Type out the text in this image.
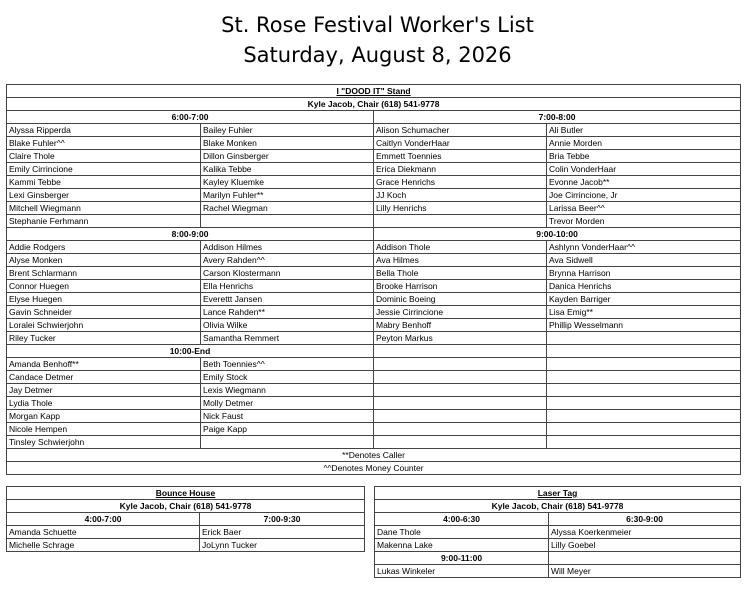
St. Rose Festival Worker's List
Saturday, August 8, 2026
I "DOOD IT" Stand			
Kyle Jacob, Chair (618) 541-9778			
6:00-7:00		7:00-8:00	
Alyssa Ripperda	Bailey Fuhler	Alison Schumacher	Ali Butler
Blake Fuhler^^	Blake Monken	Caitlyn VonderHaar	Annie Morden
Claire Thole	Dillon Ginsberger	Emmett Toennies	Bria Tebbe
Emily Cirrincione	Kalika Tebbe	Erica Diekmann	Colin VonderHaar
Kammi Tebbe	Kayley Kluemke	Grace Henrichs	Evonne Jacob**
Lexi Ginsberger	Marilyn Fuhler**	JJ Koch	Joe Cirrincione, Jr
Mitchell Wiegmann	Rachel Wiegman	Lilly Henrichs	Larissa Beer^^
Stephanie Ferhmann			Trevor Morden
8:00-9:00		9:00-10:00	
Addie Rodgers	Addison Hilmes	Addison Thole	Ashlynn VonderHaar^^
Alyse Monken	Avery Rahden^^	Ava Hilmes	Ava Sidwell
Brent Schlarmann	Carson Klostermann	Bella Thole	Brynna Harrison
Connor Huegen	Ella Henrichs	Brooke Harrison	Danica Henrichs
Elyse Huegen	Everettt Jansen	Dominic Boeing	Kayden Barriger
Gavin Schneider	Lance Rahden**	Jessie Cirrincione	Lisa Emig**
Loralei Schwierjohn	Olivia Wilke	Mabry Benhoff	Phillip Wesselmann
Riley Tucker	Samantha Remmert	Peyton Markus	
10:00-End			
Amanda Benhoff**	Beth Toennies^^		
Candace Detmer	Emily Stock		
Jay Detmer	Lexis Wiegmann		
Lydia Thole	Molly Detmer		
Morgan Kapp	Nick Faust		
Nicole Hempen	Paige Kapp		
Tinsley Schwierjohn			
**Denotes Caller			
^^Denotes Money Counter			
Bounce House	
Kyle Jacob, Chair (618) 541-9778	
4:00-7:00	7:00-9:30
Amanda Schuette	Erick Baer
Michelle Schrage	JoLynn Tucker
Laser Tag	
Kyle Jacob, Chair (618) 541-9778	
4:00-6:30	6:30-9:00
Dane Thole	Alyssa Koerkenmeier
Makenna Lake	Lilly Goebel
9:00-11:00	
Lukas Winkeler	Will Meyer
